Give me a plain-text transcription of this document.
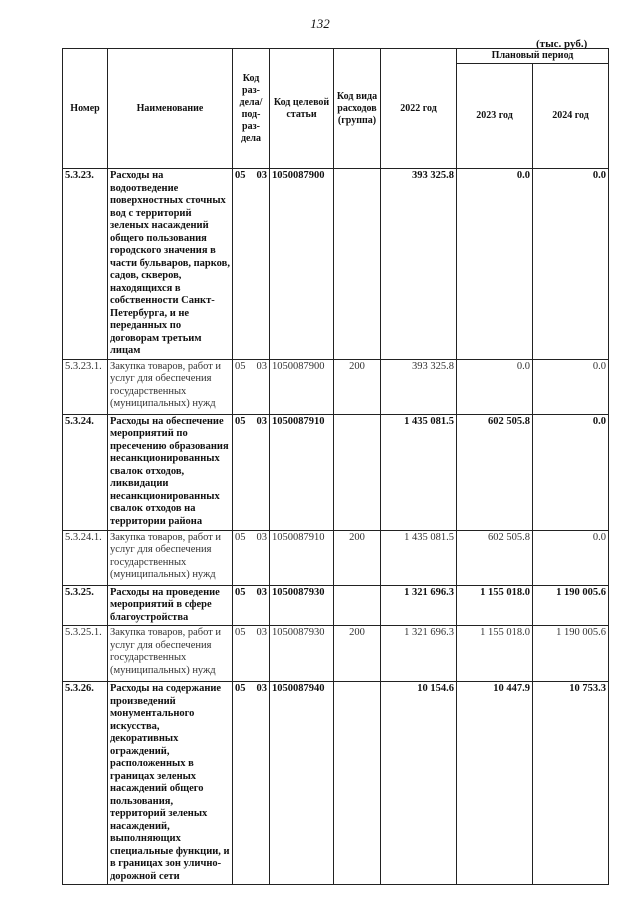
132
(тыс. руб.)
Номер	Наименование	Код раз-дела/ под-раз-дела	Код целевой статьи	Код вида расходов (группа)	2022 год	Плановый период	
						2023 год	2024 год
5.3.23.	Расходы на водоотведение поверхностных сточных вод с территорий зеленых насаждений общего пользования городского значения в части бульваров, парков, садов, скверов, находящихся в собственности Санкт-Петербурга, и не переданных по договорам третьим лицам	05 03	1050087900		393 325.8	0.0	0.0
5.3.23.1.	Закупка товаров, работ и услуг для обеспечения государственных (муниципальных) нужд	05 03	1050087900	200	393 325.8	0.0	0.0
5.3.24.	Расходы на обеспечение мероприятий по пресечению образования несанкционированных свалок отходов, ликвидации несанкционированных свалок отходов на территории района	05 03	1050087910		1 435 081.5	602 505.8	0.0
5.3.24.1.	Закупка товаров, работ и услуг для обеспечения государственных (муниципальных) нужд	05 03	1050087910	200	1 435 081.5	602 505.8	0.0
5.3.25.	Расходы на проведение мероприятий в сфере благоустройства	05 03	1050087930		1 321 696.3	1 155 018.0	1 190 005.6
5.3.25.1.	Закупка товаров, работ и услуг для обеспечения государственных (муниципальных) нужд	05 03	1050087930	200	1 321 696.3	1 155 018.0	1 190 005.6
5.3.26.	Расходы на содержание произведений монументального искусства, декоративных ограждений, расположенных в границах зеленых насаждений общего пользования, территорий зеленых насаждений, выполняющих специальные функции, и в границах зон улично-дорожной сети	05 03	1050087940		10 154.6	10 447.9	10 753.3
